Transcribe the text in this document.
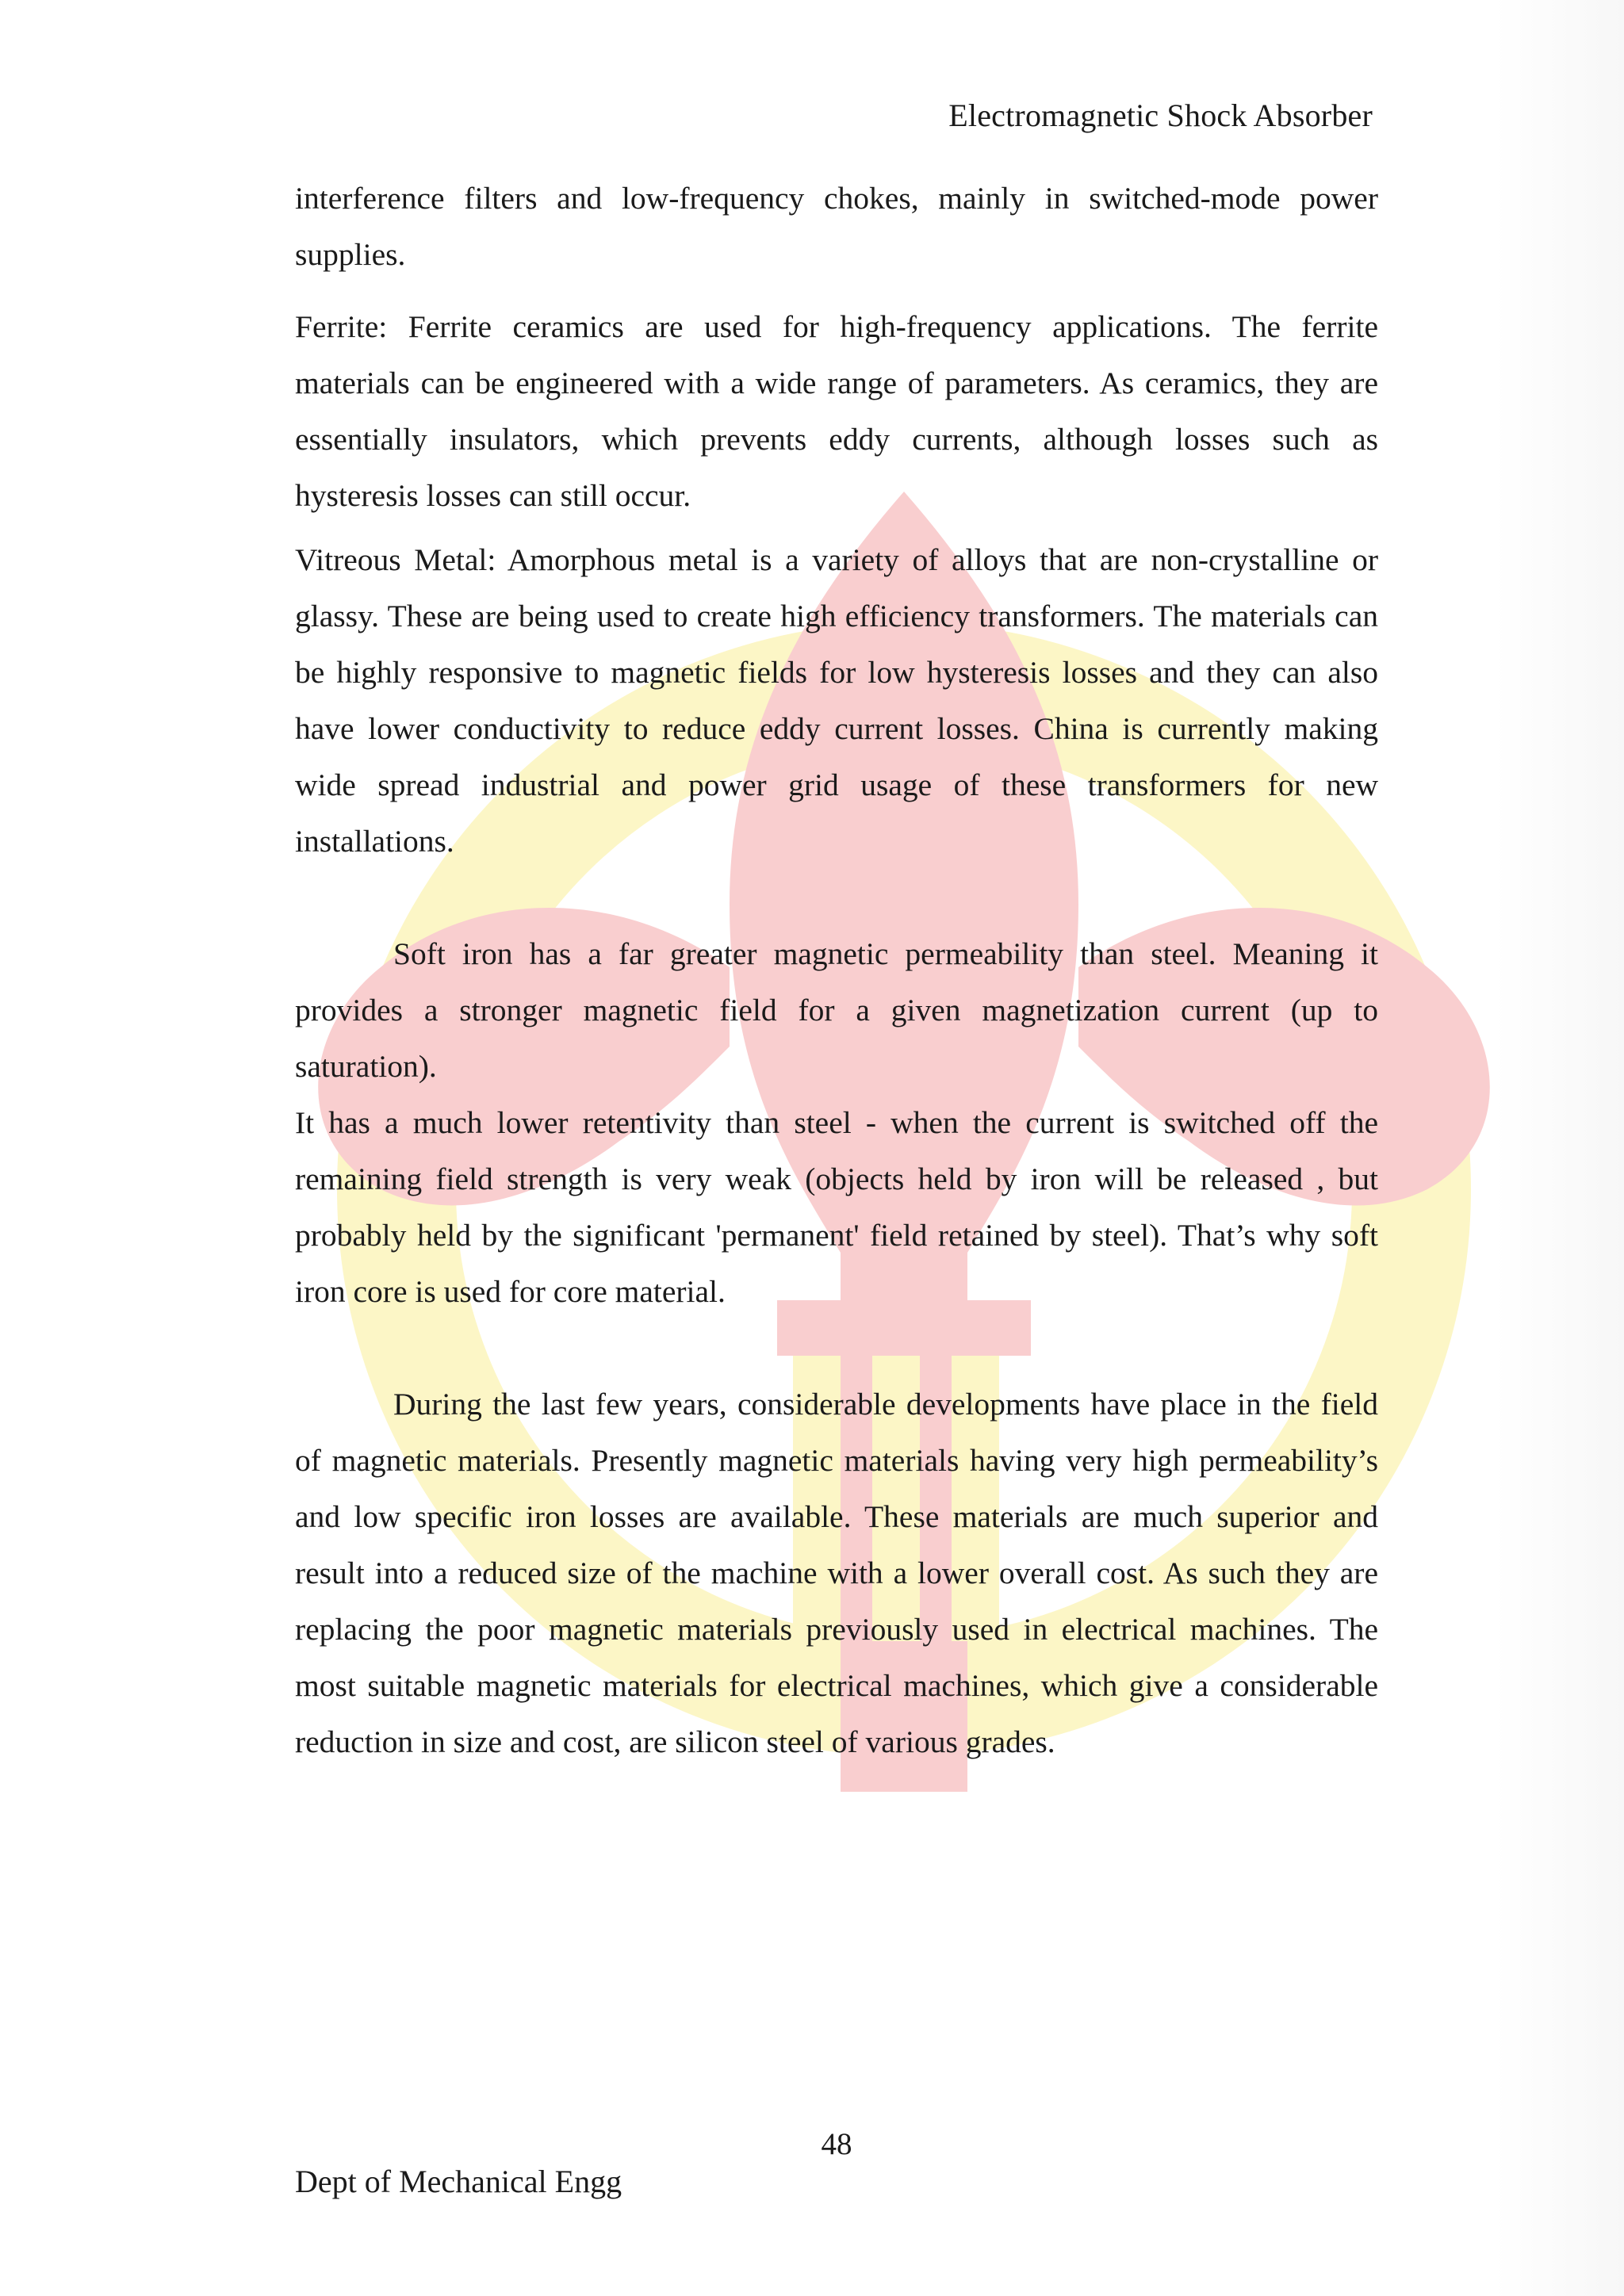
Electromagnetic Shock Absorber

interference filters and low-frequency chokes, mainly in switched-mode power supplies.

Ferrite: Ferrite ceramics are used for high-frequency applications. The ferrite materials can be engineered with a wide range of parameters. As ceramics, they are essentially insulators, which prevents eddy currents, although losses such as hysteresis losses can still occur.

Vitreous Metal: Amorphous metal is a variety of alloys that are non-crystalline or glassy. These are being used to create high efficiency transformers. The materials can be highly responsive to magnetic fields for low hysteresis losses and they can also have lower conductivity to reduce eddy current losses. China is currently making wide spread industrial and power grid usage of these transformers for new installations.

Soft iron has a far greater magnetic permeability than steel. Meaning it provides a stronger magnetic field for a given magnetization current (up to saturation).

It has a much lower retentivity than steel - when the current is switched off the remaining field strength is very weak (objects held by iron will be released , but probably held by the significant 'permanent' field retained by steel). That’s why soft iron core is used for core material.

During the last few years, considerable developments have place in the field of magnetic materials. Presently magnetic materials having very high permeability’s and low specific iron losses are available. These materials are much superior and result into a reduced size of the machine with a lower overall cost. As such they are replacing the poor magnetic materials previously used in electrical machines. The most suitable magnetic materials for electrical machines, which give a considerable reduction in size and cost, are silicon steel of various grades.

48
Dept of Mechanical Engg
